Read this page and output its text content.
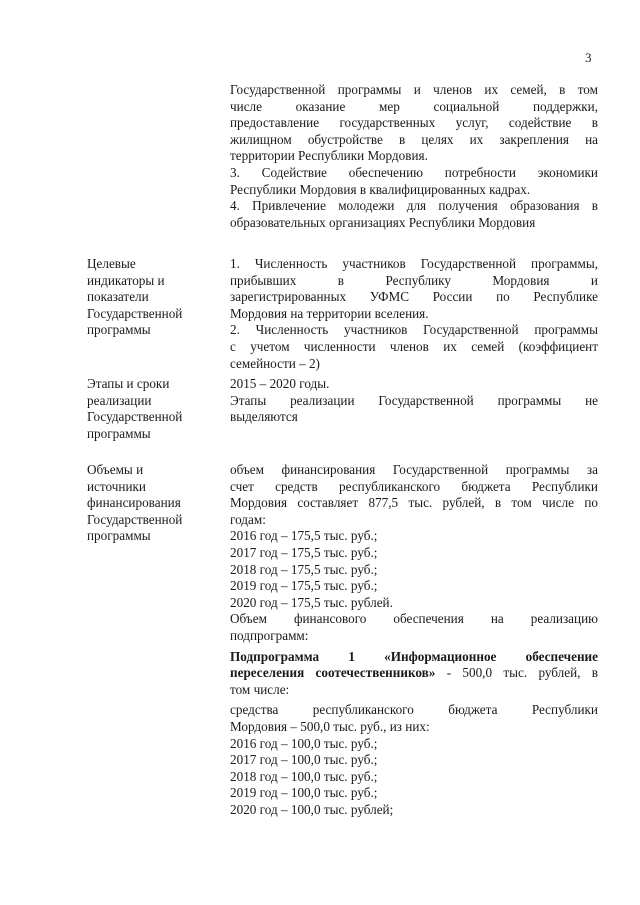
3
Государственной программы и членов их семей, в том
числе оказание мер социальной поддержки,
предоставление государственных услуг, содействие в
жилищном обустройстве в целях их закрепления на
территории Республики Мордовия.
3. Содействие обеспечению потребности экономики
Республики Мордовия в квалифицированных кадрах.
4. Привлечение молодежи для получения образования в
образовательных организациях Республики Мордовия
Целевые
индикаторы и
показатели
Государственной
программы
1. Численность участников Государственной программы,
прибывших в Республику Мордовия и
зарегистрированных УФМС России по Республике
Мордовия на территории вселения.
2. Численность участников Государственной программы
с учетом численности членов их семей (коэффициент
семейности – 2)
Этапы и сроки
реализации
Государственной
программы
2015 – 2020 годы.
Этапы реализации Государственной программы не
выделяются
Объемы и
источники
финансирования
Государственной
программы
объем финансирования Государственной программы за
счет средств республиканского бюджета Республики
Мордовия составляет 877,5 тыс. рублей, в том числе по
годам:
2016 год – 175,5 тыс. руб.;
2017 год – 175,5 тыс. руб.;
2018 год – 175,5 тыс. руб.;
2019 год – 175,5 тыс. руб.;
2020 год – 175,5 тыс. рублей.
Объем финансового обеспечения на реализацию
подпрограмм:
Подпрограмма 1 «Информационное обеспечение
переселения соотечественников» - 500,0 тыс. рублей, в
том числе:
средства республиканского бюджета Республики
Мордовия – 500,0 тыс. руб., из них:
2016 год – 100,0 тыс. руб.;
2017 год – 100,0 тыс. руб.;
2018 год – 100,0 тыс. руб.;
2019 год – 100,0 тыс. руб.;
2020 год – 100,0 тыс. рублей;
